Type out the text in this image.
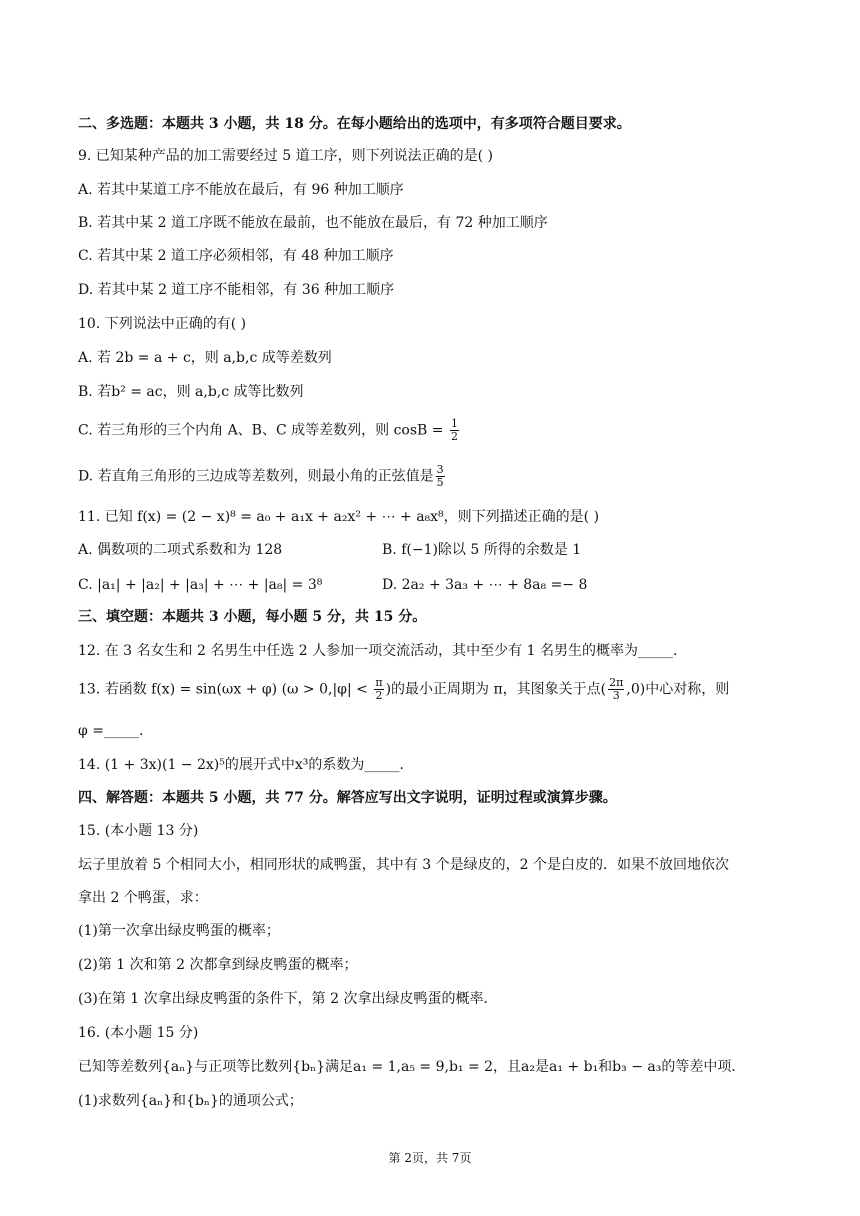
二、多选题：本题共 3 小题，共 18 分。在每小题给出的选项中，有多项符合题目要求。
9. 已知某种产品的加工需要经过 5 道工序，则下列说法正确的是( )
A. 若其中某道工序不能放在最后，有 96 种加工顺序
B. 若其中某 2 道工序既不能放在最前，也不能放在最后，有 72 种加工顺序
C. 若其中某 2 道工序必须相邻，有 48 种加工顺序
D. 若其中某 2 道工序不能相邻，有 36 种加工顺序
10. 下列说法中正确的有( )
A. 若 2b = a + c，则 a,b,c 成等差数列
B. 若b² = ac，则 a,b,c 成等比数列
C. 若三角形的三个内角 A、B、C 成等差数列，则 $\cos B = \frac{1}{2}$
D. 若直角三角形的三边成等差数列，则最小角的正弦值是 $\frac{3}{5}$
11. 已知 f(x) = (2 − x)⁸ = a₀ + a₁x + a₂x² + ⋯ + a₈x⁸，则下列描述正确的是( )
A. 偶数项的二项式系数和为 128	B. f(−1)除以 5 所得的余数是 1
C. |a₁| + |a₂| + |a₃| + ⋯ + |a₈| = 3⁸	D. 2a₂ + 3a₃ + ⋯ + 8a₈ =− 8
三、填空题：本题共 3 小题，每小题 5 分，共 15 分。
12. 在 3 名女生和 2 名男生中任选 2 人参加一项交流活动，其中至少有 1 名男生的概率为_____.
13. 若函数 f(x) = sin(ωx + φ) ($\omega > 0,|\varphi| < \frac{\pi}{2}$ )的最小正周期为 π，其图象关于点( $\frac{2\pi}{3} ,0$)中心对称，则
φ =_____.
14. (1 + 3x)(1 − 2x)⁵的展开式中x³的系数为_____.
四、解答题：本题共 5 小题，共 77 分。解答应写出文字说明，证明过程或演算步骤。
15. (本小题 13 分)
坛子里放着 5 个相同大小，相同形状的咸鸭蛋，其中有 3 个是绿皮的，2 个是白皮的．如果不放回地依次
拿出 2 个鸭蛋，求：
(1)第一次拿出绿皮鸭蛋的概率；
(2)第 1 次和第 2 次都拿到绿皮鸭蛋的概率；
(3)在第 1 次拿出绿皮鸭蛋的条件下，第 2 次拿出绿皮鸭蛋的概率．
16. (本小题 15 分)
已知等差数列{aₙ}与正项等比数列{bₙ}满足a₁ = 1,a₅ = 9,b₁ = 2，且a₂是a₁ + b₁和b₃ − a₃的等差中项．
(1)求数列{aₙ}和{bₙ}的通项公式；
第 2页，共 7页
